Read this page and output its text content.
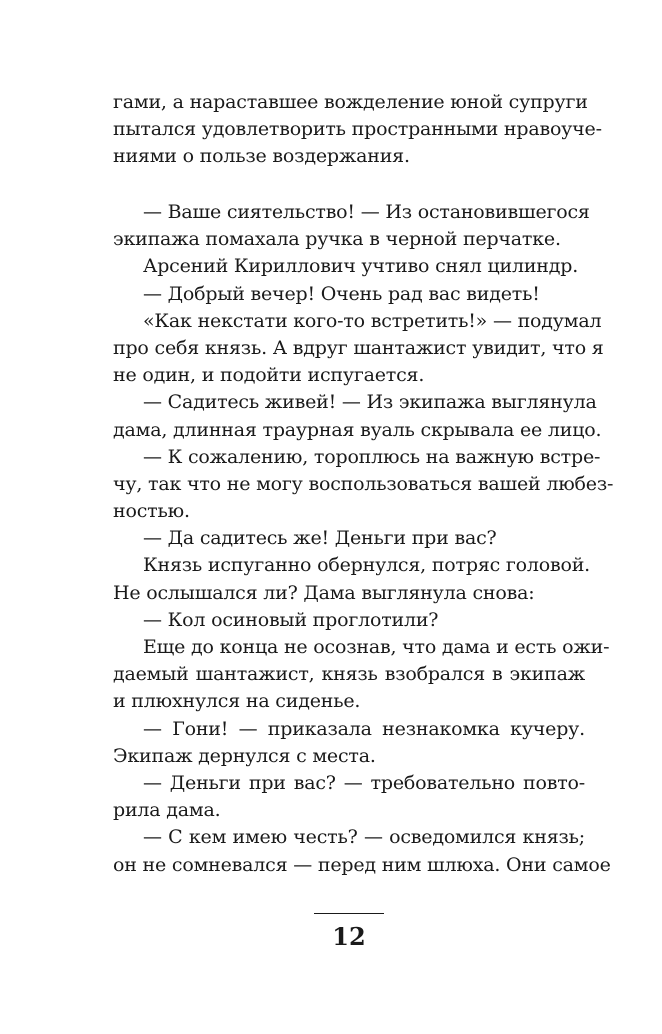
гами, а нараставшее вожделение юной супруги
пытался удовлетворить пространными нравоуче-
ниями о пользе воздержания.
— Ваше сиятельство! — Из остановившегося
экипажа помахала ручка в черной перчатке.
Арсений Кириллович учтиво снял цилиндр.
— Добрый вечер! Очень рад вас видеть!
«Как некстати кого-то встретить!» — подумал
про себя князь. А вдруг шантажист увидит, что я
не один, и подойти испугается.
— Садитесь живей! — Из экипажа выглянула
дама, длинная траурная вуаль скрывала ее лицо.
— К сожалению, тороплюсь на важную встре-
чу, так что не могу воспользоваться вашей любез-
ностью.
— Да садитесь же! Деньги при вас?
Князь испуганно обернулся, потряс головой.
Не ослышался ли? Дама выглянула снова:
— Кол осиновый проглотили?
Еще до конца не осознав, что дама и есть ожи-
даемый шантажист, князь взобрался в экипаж
и плюхнулся на сиденье.
— Гони! — приказала незнакомка кучеру.
Экипаж дернулся с места.
— Деньги при вас? — требовательно повто-
рила дама.
— С кем имею честь? — осведомился князь;
он не сомневался — перед ним шлюха. Они самое
12
